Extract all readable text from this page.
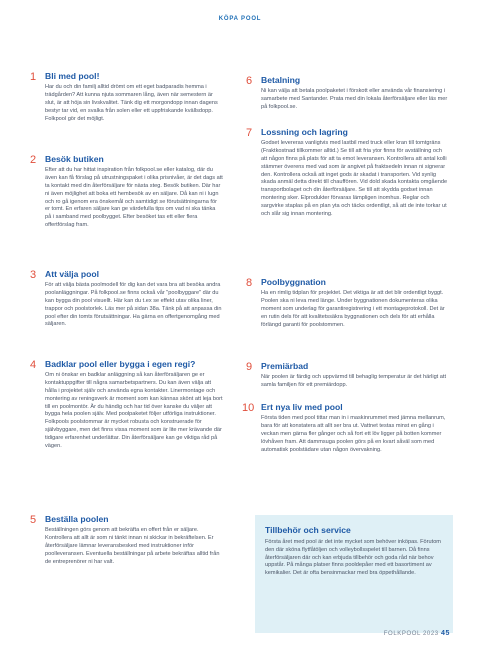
KÖPA POOL
1	Bli med pool!

Har du och din familj alltid drömt om ett eget badparadis hemma i trädgården? Att kunna njuta sommaren lång, även när semestern är slut, är att höja sin livskvalitet. Tänk dig ett morgondopp innan dagens bestyr tar vid, en svalka från solen eller ett uppfriskande kvällsdopp. Folkpool gör det möjligt.

2	Besök butiken

Efter att du har hittat inspiration från folkpool.se eller katalog, där du även kan få förslag på utrustningspaket i olika prisnivåer, är det dags att ta kontakt med din återförsäljare för nästa steg. Besök butiken. Där har ni även möjlighet att boka ett hembesök av en säljare. Då kan ni i lugn och ro gå igenom era önskemål och samtidigt se förutsättningarna för er tomt. En erfaren säljare kan ge värdefulla tips om vad ni ska tänka på i samband med poolbygget. Efter besöket tas ett eller flera offertförslag fram.

3	Att välja pool

För att välja bästa poolmodell för dig kan det vara bra att besöka andra poolanläggningar. På folkpool.se finns också vår "poolbyggare" där du kan bygga din pool visuellt. Här kan du t.ex se effekt utav olika liner, trappor och poolstorlek. Läs mer på sidan 38a. Tänk på att anpassa din pool efter din tomts förutsättningar. Ha gärna en offertgenomgång med säljaren.

4	Badklar pool eller bygga i egen regi?

Om ni önskar en badklar anläggning så kan återförsäljaren ge er kontaktuppgifter till några samarbetspartners. Du kan även välja att hålla i projektet själv och använda egna kontakter. Linermontage och montering av reningsverk är moment som kan kännas skönt att leja bort till en poolmontör. Är du händig och har tid över kanske du väljer att bygga hela poolen själv. Med poolpaketet följer utförliga instruktioner. Folkpools poolstommar är mycket robusta och konstruerade för självbyggare, men det finns vissa moment som är lite mer krävande där tidigare erfarenhet underlättar. Din återförsäljare kan ge viktiga råd på vägen.

5	Beställa poolen

Beställningen görs genom att bekräfta en offert från er säljare. Kontrollera att allt är som ni tänkt innan ni skickar in bekräftelsen. Er återförsäljare lämnar leveransbesked med instruktioner inför poolleveransen. Eventuella beställningar på arbete bekräftas alltid från de entreprenörer ni har valt.

6	Betalning

Ni kan välja att betala poolpaketet i förskott eller använda vår finansiering i samarbete med Santander. Prata med din lokala återförsäljare eller läs mer på folkpool.se.

7	Lossning och lagring

Godset levereras vanligtvis med lastbil med truck eller kran till tomtgräns (Fraktkostnad tillkommer alltid.) Se till att fria ytor finns för avställning och att någon finns på plats för att ta emot leveransen. Kontrollera att antal kolli stämmer överens med vad som är angivet på fraktsedeln innan ni signerar den. Kontrollera också att inget gods är skadat i transporten. Vid synlig skada anmäl detta direkt till chauffören. Vid dold skada kontakta omgående transportbolaget och din återförsäljare. Se till att skydda godset innan montering sker. Elprodukter förvaras lämpligen inomhus. Reglar och sargvirke staplas på en plan yta och täcks ordentligt, så att de inte torkar ut och slår sig innan montering.

8	Poolbyggnation

Ha en rimlig tidplan för projektet. Det viktiga är att det blir ordentligt byggt. Poolen ska ni leva med länge. Under byggnationen dokumenteras olika moment som underlag för garantiregistrering i ett montageprotokoll. Det är en rutin dels för att kvalitetssäkra byggnationen och dels för att erhålla förlängd garanti för poolstommen.

9	Premiärbad

När poolen är färdig och uppvärmd till behaglig temperatur är det härligt att samla familjen för ett premiärdopp.

10 Ert nya liv med pool

Första tiden med pool tittar man in i maskinrummet med jämna mellanrum, bara för att konstatera att allt ser bra ut. Vattnet testas minst en gång i veckan men gärna fler gånger och så fort ett löv ligger på botten kommer lövhåven fram. Att dammsuga poolen görs på en kvart såväl som med automatisk poolstädare utan någon övervakning.

Tillbehör och service

Första året med pool är det inte mycket som behöver inköpas. Förutom den där sköna flytfåtöljen och volleybollsspelet till barnen. Då finns återförsäljaren där och kan erbjuda tillbehör och goda råd när behov uppstår. På många platser finns pooldepåer med ett basortiment av kemikalier. Det är ofta bensinmackar med bra öppethållande.

FOLKPOOL 2023 45
